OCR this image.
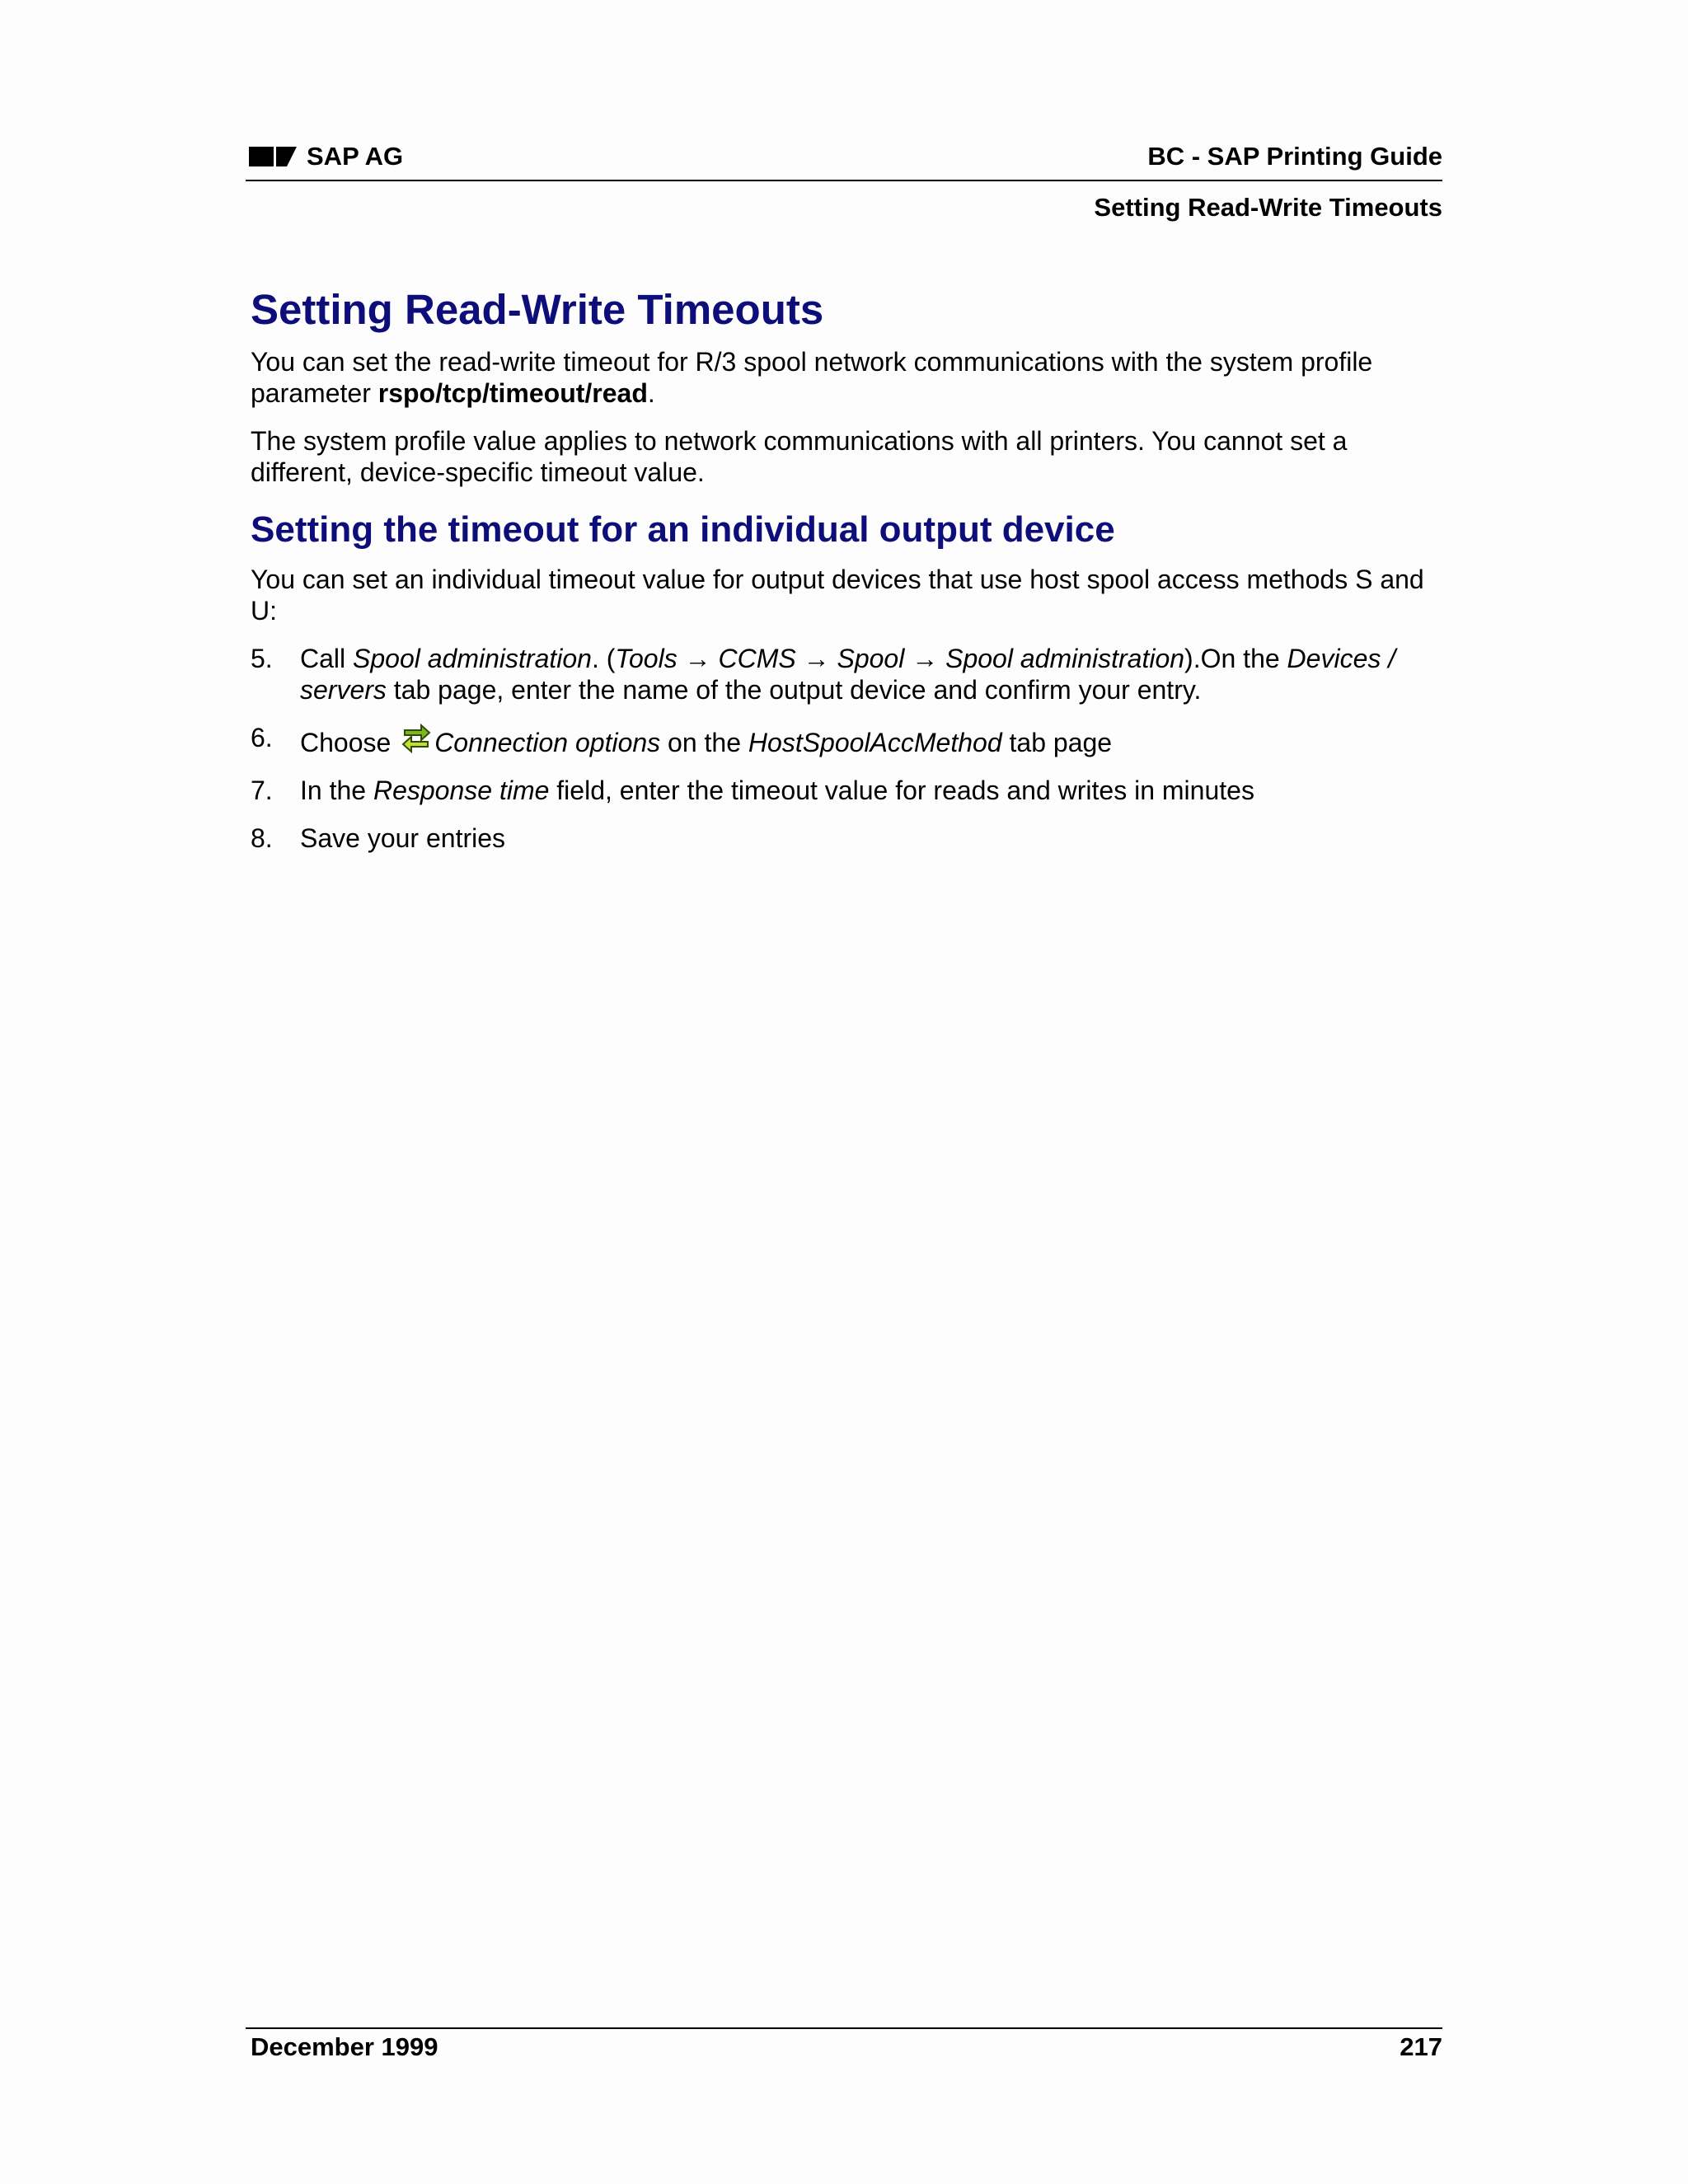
SAP AG	BC - SAP Printing Guide
Setting Read-Write Timeouts
Setting Read-Write Timeouts

You can set the read-write timeout for R/3 spool network communications with the system profile parameter rspo/tcp/timeout/read.

The system profile value applies to network communications with all printers. You cannot set a different, device-specific timeout value.

Setting the timeout for an individual output device

You can set an individual timeout value for output devices that use host spool access methods S and U:

5. Call Spool administration. (Tools → CCMS → Spool → Spool administration).On the Devices / servers tab page, enter the name of the output device and confirm your entry.
6. Choose Connection options on the HostSpoolAccMethod tab page
7. In the Response time field, enter the timeout value for reads and writes in minutes
8. Save your entries
December 1999	217
